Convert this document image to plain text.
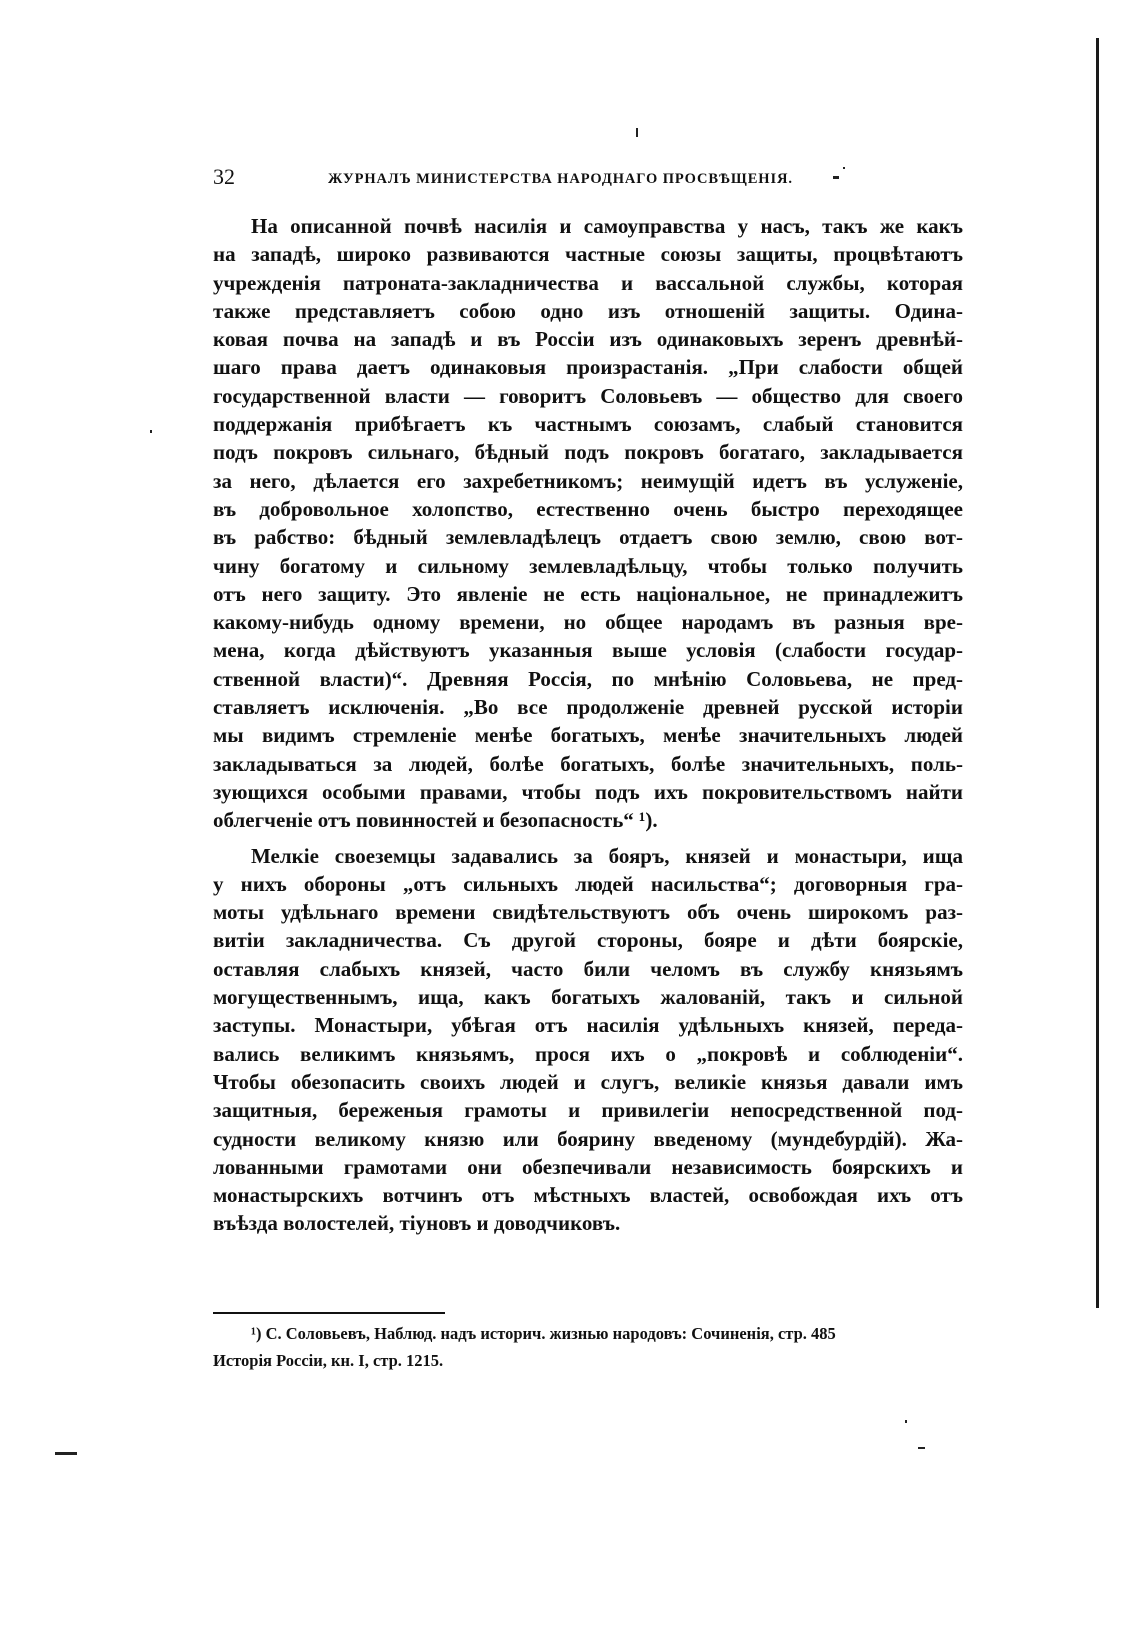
32	ЖУРНАЛЪ МИНИСТЕРСТВА НАРОДНАГО ПРОСВѢЩЕНІЯ.
На описанной почвѣ насилія и самоуправства у насъ, такъ же какъ
на западѣ, широко развиваются частные союзы защиты, процвѣтаютъ
учрежденія патроната-закладничества и вассальной службы, которая
также представляетъ собою одно изъ отношеній защиты. Одина-
ковая почва на западѣ и въ Россіи изъ одинаковыхъ зеренъ древнѣй-
шаго права даетъ одинаковыя произрастанія. „При слабости общей
государственной власти — говоритъ Соловьевъ — общество для своего
поддержанія прибѣгаетъ къ частнымъ союзамъ, слабый становится
подъ покровъ сильнаго, бѣдный подъ покровъ богатаго, закладывается
за него, дѣлается его захребетникомъ; неимущій идетъ въ услуженіе,
въ добровольное холопство, естественно очень быстро переходящее
въ рабство: бѣдный землевладѣлецъ отдаетъ свою землю, свою вот-
чину богатому и сильному землевладѣльцу, чтобы только получить
отъ него защиту. Это явленіе не есть національное, не принадлежитъ
какому-нибудь одному времени, но общее народамъ въ разныя вре-
мена, когда дѣйствуютъ указанныя выше условія (слабости государ-
ственной власти)“. Древняя Россія, по мнѣнію Соловьева, не пред-
ставляетъ исключенія. „Во все продолженіе древней русской исторіи
мы видимъ стремленіе менѣе богатыхъ, менѣе значительныхъ людей
закладываться за людей, болѣе богатыхъ, болѣе значительныхъ, поль-
зующихся особыми правами, чтобы подъ ихъ покровительствомъ найти
облегченіе отъ повинностей и безопасность“ ¹).
Мелкіе своеземцы задавались за бояръ, князей и монастыри, ища
у нихъ обороны „отъ сильныхъ людей насильства“; договорныя гра-
моты удѣльнаго времени свидѣтельствуютъ объ очень широкомъ раз-
витіи закладничества. Съ другой стороны, бояре и дѣти боярскіе,
оставляя слабыхъ князей, часто били челомъ въ службу князьямъ
могущественнымъ, ища, какъ богатыхъ жалованій, такъ и сильной
заступы. Монастыри, убѣгая отъ насилія удѣльныхъ князей, переда-
вались великимъ князьямъ, прося ихъ о „покровѣ и соблюденіи“.
Чтобы обезопасить своихъ людей и слугъ, великіе князья давали имъ
защитныя, береженыя грамоты и привилегіи непосредственной под-
судности великому князю или боярину введеному (мундебурдій). Жа-
лованными грамотами они обезпечивали независимость боярскихъ и
монастырскихъ вотчинъ отъ мѣстныхъ властей, освобождая ихъ отъ
въѣзда волостелей, тіуновъ и доводчиковъ.
¹) С. Соловьевъ, Наблюд. надъ историч. жизнью народовъ: Сочиненія, стр. 485
Исторія Россіи, кн. I, стр. 1215.
